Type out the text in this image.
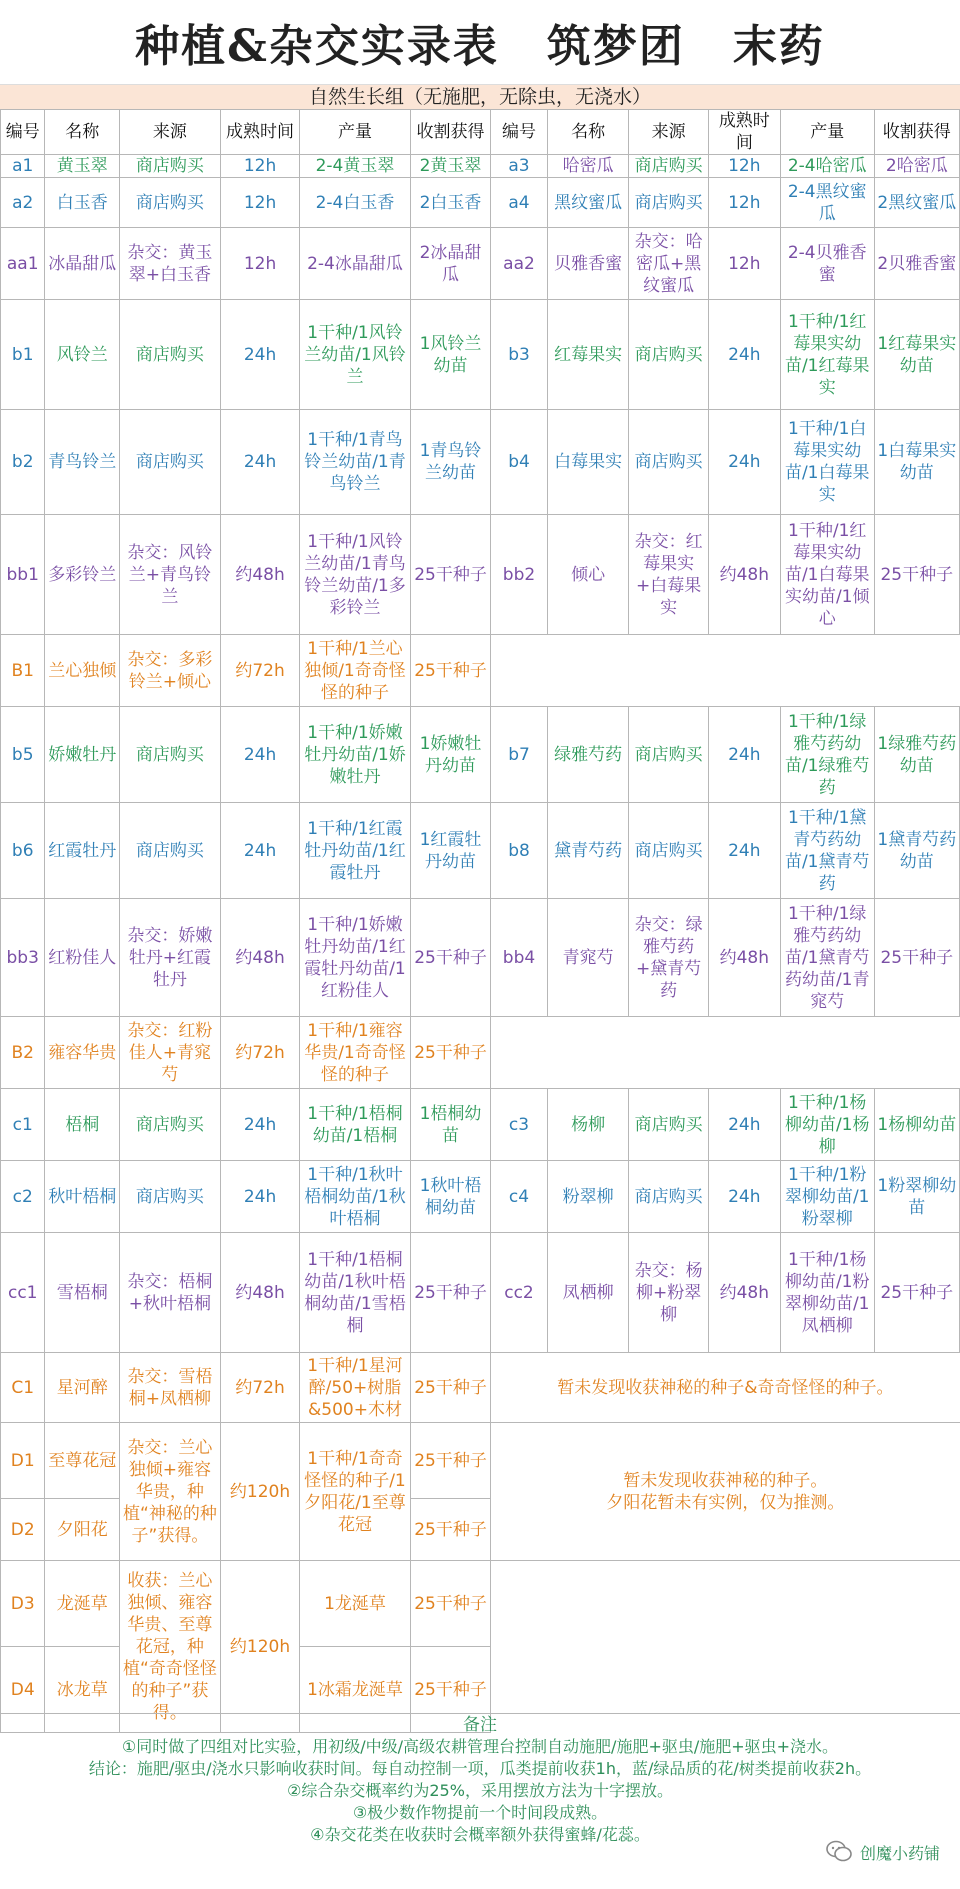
种植&杂交实录表 筑梦团 末药
自然生长组（无施肥，无除虫，无浇水）
编号	名称	来源	成熟时间	产量	收割获得	编号	名称	来源	成熟时间	产量	收割获得
a1	黄玉翠	商店购买	12h	2-4黄玉翠	2黄玉翠	a3	哈密瓜	商店购买	12h	2-4哈密瓜	2哈密瓜
a2	白玉香	商店购买	12h	2-4白玉香	2白玉香	a4	黑纹蜜瓜	商店购买	12h	2-4黑纹蜜瓜	2黑纹蜜瓜
aa1	冰晶甜瓜	杂交：黄玉翠+白玉香	12h	2-4冰晶甜瓜	2冰晶甜瓜	aa2	贝雅香蜜	杂交：哈密瓜+黑纹蜜瓜	12h	2-4贝雅香蜜	2贝雅香蜜
b1	风铃兰	商店购买	24h	1干种/1风铃兰幼苗/1风铃兰	1风铃兰幼苗	b3	红莓果实	商店购买	24h	1干种/1红莓果实幼苗/1红莓果实	1红莓果实幼苗
b2	青鸟铃兰	商店购买	24h	1干种/1青鸟铃兰幼苗/1青鸟铃兰	1青鸟铃兰幼苗	b4	白莓果实	商店购买	24h	1干种/1白莓果实幼苗/1白莓果实	1白莓果实幼苗
bb1	多彩铃兰	杂交：风铃兰+青鸟铃兰	约48h	1干种/1风铃兰幼苗/1青鸟铃兰幼苗/1多彩铃兰	25干种子	bb2	倾心	杂交：红莓果实+白莓果实	约48h	1干种/1红莓果实幼苗/1白莓果实幼苗/1倾心	25干种子
B1	兰心独倾	杂交：多彩铃兰+倾心	约72h	1干种/1兰心独倾/1奇奇怪怪的种子	25干种子						
b5	娇嫩牡丹	商店购买	24h	1干种/1娇嫩牡丹幼苗/1娇嫩牡丹	1娇嫩牡丹幼苗	b7	绿雅芍药	商店购买	24h	1干种/1绿雅芍药幼苗/1绿雅芍药	1绿雅芍药幼苗
b6	红霞牡丹	商店购买	24h	1干种/1红霞牡丹幼苗/1红霞牡丹	1红霞牡丹幼苗	b8	黛青芍药	商店购买	24h	1干种/1黛青芍药幼苗/1黛青芍药	1黛青芍药幼苗
bb3	红粉佳人	杂交：娇嫩牡丹+红霞牡丹	约48h	1干种/1娇嫩牡丹幼苗/1红霞牡丹幼苗/1红粉佳人	25干种子	bb4	青窕芍	杂交：绿雅芍药+黛青芍药	约48h	1干种/1绿雅芍药幼苗/1黛青芍药幼苗/1青窕芍	25干种子
B2	雍容华贵	杂交：红粉佳人+青窕芍	约72h	1干种/1雍容华贵/1奇奇怪怪的种子	25干种子						
c1	梧桐	商店购买	24h	1干种/1梧桐幼苗/1梧桐	1梧桐幼苗	c3	杨柳	商店购买	24h	1干种/1杨柳幼苗/1杨柳	1杨柳幼苗
c2	秋叶梧桐	商店购买	24h	1干种/1秋叶梧桐幼苗/1秋叶梧桐	1秋叶梧桐幼苗	c4	粉翠柳	商店购买	24h	1干种/1粉翠柳幼苗/1粉翠柳	1粉翠柳幼苗
cc1	雪梧桐	杂交：梧桐+秋叶梧桐	约48h	1干种/1梧桐幼苗/1秋叶梧桐幼苗/1雪梧桐	25干种子	cc2	凤栖柳	杂交：杨柳+粉翠柳	约48h	1干种/1杨柳幼苗/1粉翠柳幼苗/1凤栖柳	25干种子
C1	星河醉	杂交：雪梧桐+凤栖柳	约72h	1干种/1星河醉/50+树脂&500+木材	25干种子	暂未发现收获神秘的种子&奇奇怪怪的种子。					
D1	至尊花冠	杂交：兰心独倾+雍容华贵，种植“神秘的种子”获得。	约120h	1干种/1奇奇怪怪的种子/1夕阳花/1至尊花冠	25干种子	暂未发现收获神秘的种子。
夕阳花暂未有实例，仅为推测。					

D2	夕阳花				25干种子						
D3	龙涎草	收获：兰心独倾、雍容华贵、至尊花冠，种植“奇奇怪怪的种子”获得。	约120h	1龙涎草	25干种子						
D4	冰龙草			1冰霜龙涎草	25干种子						
备注
①同时做了四组对比实验，用初级/中级/高级农耕管理台控制自动施肥/施肥+驱虫/施肥+驱虫+浇水。
结论：施肥/驱虫/浇水只影响收获时间。每自动控制一项，瓜类提前收获1h，蓝/绿品质的花/树类提前收获2h。
②综合杂交概率约为25%，采用摆放方法为十字摆放。
③极少数作物提前一个时间段成熟。
④杂交花类在收获时会概率额外获得蜜蜂/花蕊。
创魔小药铺
